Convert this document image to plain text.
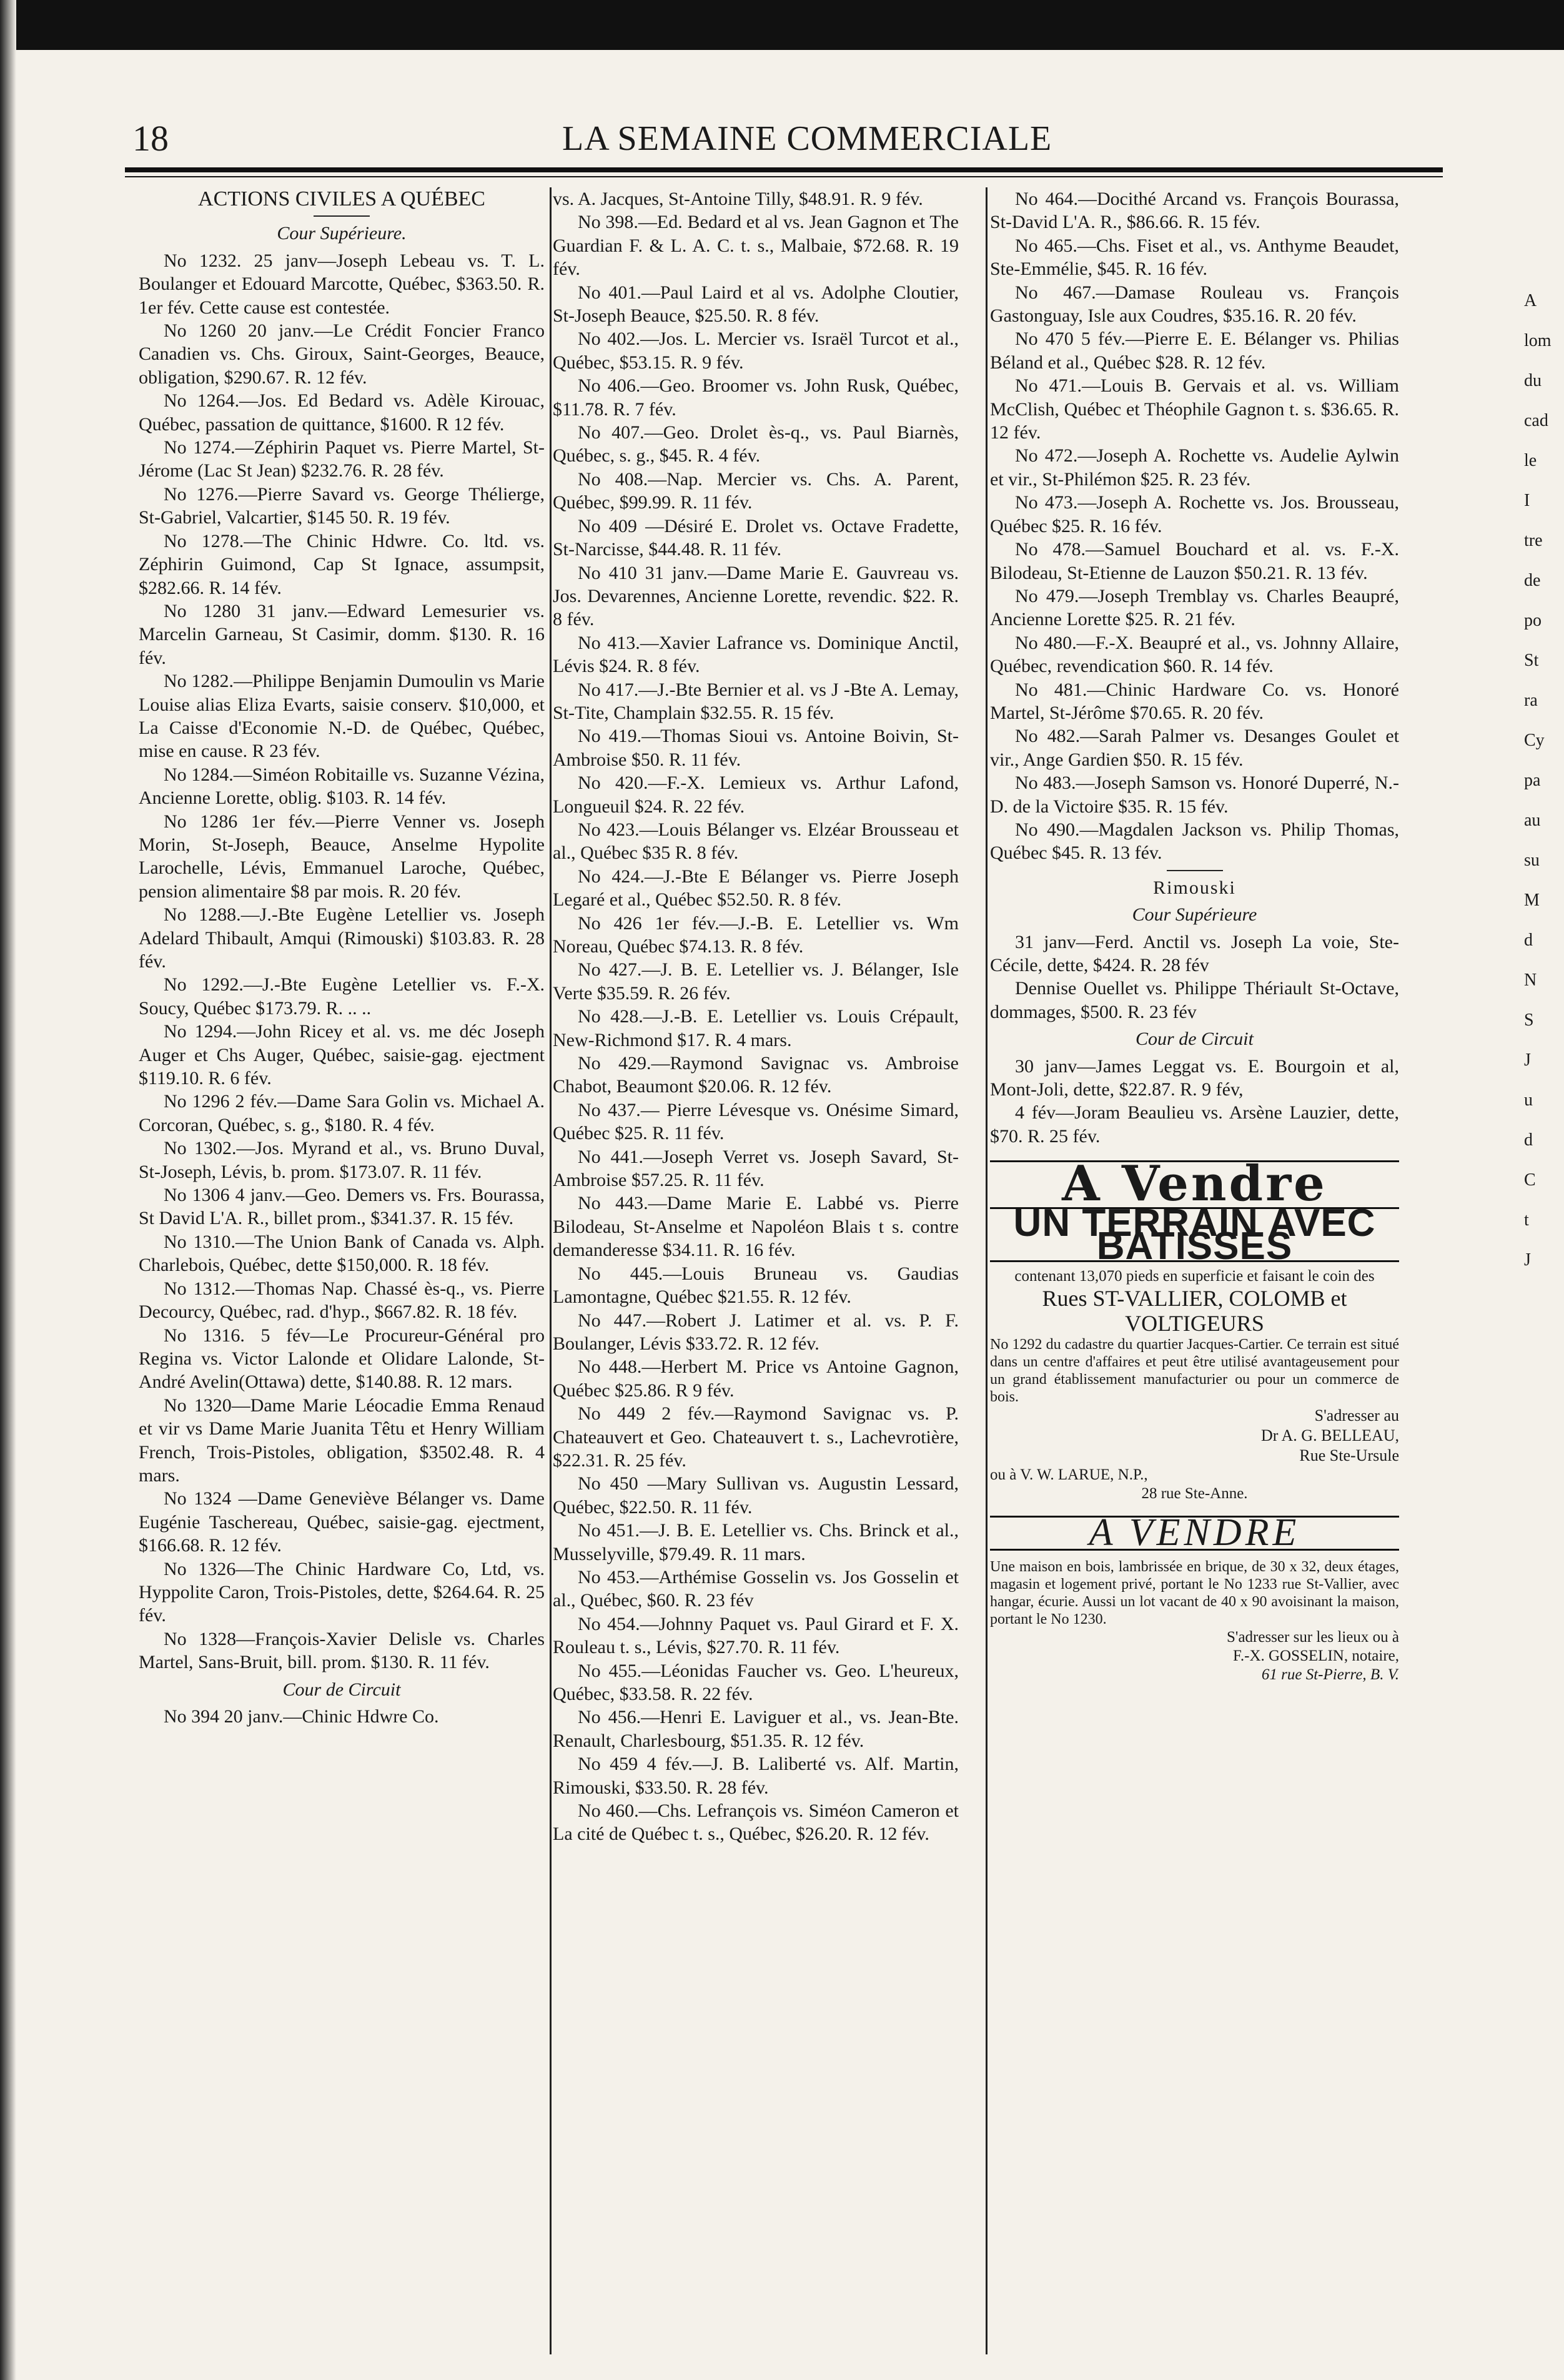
18	LA SEMAINE COMMERCIALE
ACTIONS CIVILES A QUÉBEC
Cour Supérieure.

No 1232. 25 janv—Joseph Lebeau vs. T. L. Boulanger et Edouard Marcotte, Québec, $363.50. R. 1er fév. Cette cause est contestée.

No 1260 20 janv.—Le Crédit Foncier Franco Canadien vs. Chs. Giroux, Saint-Georges, Beauce, obligation, $290.67. R. 12 fév.

No 1264.—Jos. Ed Bedard vs. Adèle Kirouac, Québec, passation de quittance, $1600. R 12 fév.

No 1274.—Zéphirin Paquet vs. Pierre Martel, St-Jérome (Lac St Jean) $232.76. R. 28 fév.

No 1276.—Pierre Savard vs. George Thélierge, St-Gabriel, Valcartier, $145 50. R. 19 fév.

No 1278.—The Chinic Hdwre. Co. ltd. vs. Zéphirin Guimond, Cap St Ignace, assumpsit, $282.66. R. 14 fév.

No 1280 31 janv.—Edward Lemesurier vs. Marcelin Garneau, St Casimir, domm. $130. R. 16 fév.

No 1282.—Philippe Benjamin Dumoulin vs Marie Louise alias Eliza Evarts, saisie conserv. $10,000, et La Caisse d'Economie N.-D. de Québec, Québec, mise en cause. R 23 fév.

No 1284.—Siméon Robitaille vs. Suzanne Vézina, Ancienne Lorette, oblig. $103. R. 14 fév.

No 1286 1er fév.—Pierre Venner vs. Joseph Morin, St-Joseph, Beauce, Anselme Hypolite Larochelle, Lévis, Emmanuel Laroche, Québec, pension alimentaire $8 par mois. R. 20 fév.

No 1288.—J.-Bte Eugène Letellier vs. Joseph Adelard Thibault, Amqui (Rimouski) $103.83. R. 28 fév.

No 1292.—J.-Bte Eugène Letellier vs. F.-X. Soucy, Québec $173.79. R. .. ..

No 1294.—John Ricey et al. vs. me déc Joseph Auger et Chs Auger, Québec, saisie-gag. ejectment $119.10. R. 6 fév.

No 1296 2 fév.—Dame Sara Golin vs. Michael A. Corcoran, Québec, s. g., $180. R. 4 fév.

No 1302.—Jos. Myrand et al., vs. Bruno Duval, St-Joseph, Lévis, b. prom. $173.07. R. 11 fév.

No 1306 4 janv.—Geo. Demers vs. Frs. Bourassa, St David L'A. R., billet prom., $341.37. R. 15 fév.

No 1310.—The Union Bank of Canada vs. Alph. Charlebois, Québec, dette $150,000. R. 18 fév.

No 1312.—Thomas Nap. Chassé ès-q., vs. Pierre Decourcy, Québec, rad. d'hyp., $667.82. R. 18 fév.

No 1316. 5 fév—Le Procureur-Général pro Regina vs. Victor Lalonde et Olidare Lalonde, St-André Avelin(Ottawa) dette, $140.88. R. 12 mars.

No 1320—Dame Marie Léocadie Emma Renaud et vir vs Dame Marie Juanita Têtu et Henry William French, Trois-Pistoles, obligation, $3502.48. R. 4 mars.

No 1324 —Dame Geneviève Bélanger vs. Dame Eugénie Taschereau, Québec, saisie-gag. ejectment, $166.68. R. 12 fév.

No 1326—The Chinic Hardware Co, Ltd, vs. Hyppolite Caron, Trois-Pistoles, dette, $264.64. R. 25 fév.

No 1328—François-Xavier Delisle vs. Charles Martel, Sans-Bruit, bill. prom. $130. R. 11 fév.

Cour de Circuit

No 394 20 janv.—Chinic Hdwre Co.

vs. A. Jacques, St-Antoine Tilly, $48.91. R. 9 fév.

No 398.—Ed. Bedard et al vs. Jean Gagnon et The Guardian F. & L. A. C. t. s., Malbaie, $72.68. R. 19 fév.

No 401.—Paul Laird et al vs. Adolphe Cloutier, St-Joseph Beauce, $25.50. R. 8 fév.

No 402.—Jos. L. Mercier vs. Israël Turcot et al., Québec, $53.15. R. 9 fév.

No 406.—Geo. Broomer vs. John Rusk, Québec, $11.78. R. 7 fév.

No 407.—Geo. Drolet ès-q., vs. Paul Biarnès, Québec, s. g., $45. R. 4 fév.

No 408.—Nap. Mercier vs. Chs. A. Parent, Québec, $99.99. R. 11 fév.

No 409 —Désiré E. Drolet vs. Octave Fradette, St-Narcisse, $44.48. R. 11 fév.

No 410 31 janv.—Dame Marie E. Gauvreau vs. Jos. Devarennes, Ancienne Lorette, revendic. $22. R. 8 fév.

No 413.—Xavier Lafrance vs. Dominique Anctil, Lévis $24. R. 8 fév.

No 417.—J.-Bte Bernier et al. vs J -Bte A. Lemay, St-Tite, Champlain $32.55. R. 15 fév.

No 419.—Thomas Sioui vs. Antoine Boivin, St-Ambroise $50. R. 11 fév.

No 420.—F.-X. Lemieux vs. Arthur Lafond, Longueuil $24. R. 22 fév.

No 423.—Louis Bélanger vs. Elzéar Brousseau et al., Québec $35 R. 8 fév.

No 424.—J.-Bte E Bélanger vs. Pierre Joseph Legaré et al., Québec $52.50. R. 8 fév.

No 426 1er fév.—J.-B. E. Letellier vs. Wm Noreau, Québec $74.13. R. 8 fév.

No 427.—J. B. E. Letellier vs. J. Bélanger, Isle Verte $35.59. R. 26 fév.

No 428.—J.-B. E. Letellier vs. Louis Crépault, New-Richmond $17. R. 4 mars.

No 429.—Raymond Savignac vs. Ambroise Chabot, Beaumont $20.06. R. 12 fév.

No 437.— Pierre Lévesque vs. Onésime Simard, Québec $25. R. 11 fév.

No 441.—Joseph Verret vs. Joseph Savard, St-Ambroise $57.25. R. 11 fév.

No 443.—Dame Marie E. Labbé vs. Pierre Bilodeau, St-Anselme et Napoléon Blais t s. contre demanderesse $34.11. R. 16 fév.

No 445.—Louis Bruneau vs. Gaudias Lamontagne, Québec $21.55. R. 12 fév.

No 447.—Robert J. Latimer et al. vs. P. F. Boulanger, Lévis $33.72. R. 12 fév.

No 448.—Herbert M. Price vs Antoine Gagnon, Québec $25.86. R 9 fév.

No 449 2 fév.—Raymond Savignac vs. P. Chateauvert et Geo. Chateauvert t. s., Lachevrotière, $22.31. R. 25 fév.

No 450 —Mary Sullivan vs. Augustin Lessard, Québec, $22.50. R. 11 fév.

No 451.—J. B. E. Letellier vs. Chs. Brinck et al., Musselyville, $79.49. R. 11 mars.

No 453.—Arthémise Gosselin vs. Jos Gosselin et al., Québec, $60. R. 23 fév

No 454.—Johnny Paquet vs. Paul Girard et F. X. Rouleau t. s., Lévis, $27.70. R. 11 fév.

No 455.—Léonidas Faucher vs. Geo. L'heureux, Québec, $33.58. R. 22 fév.

No 456.—Henri E. Laviguer et al., vs. Jean-Bte. Renault, Charlesbourg, $51.35. R. 12 fév.

No 459 4 fév.—J. B. Laliberté vs. Alf. Martin, Rimouski, $33.50. R. 28 fév.

No 460.—Chs. Lefrançois vs. Siméon Cameron et La cité de Québec t. s., Québec, $26.20. R. 12 fév.

No 464.—Docithé Arcand vs. François Bourassa, St-David L'A. R., $86.66. R. 15 fév.

No 465.—Chs. Fiset et al., vs. Anthyme Beaudet, Ste-Emmélie, $45. R. 16 fév.

No 467.—Damase Rouleau vs. François Gastonguay, Isle aux Coudres, $35.16. R. 20 fév.

No 470 5 fév.—Pierre E. E. Bélanger vs. Philias Béland et al., Québec $28. R. 12 fév.

No 471.—Louis B. Gervais et al. vs. William McClish, Québec et Théophile Gagnon t. s. $36.65. R. 12 fév.

No 472.—Joseph A. Rochette vs. Audelie Aylwin et vir., St-Philémon $25. R. 23 fév.

No 473.—Joseph A. Rochette vs. Jos. Brousseau, Québec $25. R. 16 fév.

No 478.—Samuel Bouchard et al. vs. F.-X. Bilodeau, St-Etienne de Lauzon $50.21. R. 13 fév.

No 479.—Joseph Tremblay vs. Charles Beaupré, Ancienne Lorette $25. R. 21 fév.

No 480.—F.-X. Beaupré et al., vs. Johnny Allaire, Québec, revendication $60. R. 14 fév.

No 481.—Chinic Hardware Co. vs. Honoré Martel, St-Jérôme $70.65. R. 20 fév.

No 482.—Sarah Palmer vs. Desanges Goulet et vir., Ange Gardien $50. R. 15 fév.

No 483.—Joseph Samson vs. Honoré Duperré, N.-D. de la Victoire $35. R. 15 fév.

No 490.—Magdalen Jackson vs. Philip Thomas, Québec $45. R. 13 fév.

Rimouski
Cour Supérieure

31 janv—Ferd. Anctil vs. Joseph La voie, Ste-Cécile, dette, $424. R. 28 fév

Dennise Ouellet vs. Philippe Thériault St-Octave, dommages, $500. R. 23 fév

Cour de Circuit

30 janv—James Leggat vs. E. Bourgoin et al, Mont-Joli, dette, $22.87. R. 9 fév,

4 fév—Joram Beaulieu vs. Arsène Lauzier, dette, $70. R. 25 fév.

A Vendre
UN TERRAIN AVEC BATISSES
contenant 13,070 pieds en superficie et faisant le coin des
Rues ST-VALLIER, COLOMB et VOLTIGEURS
No 1292 du cadastre du quartier Jacques-Cartier. Ce terrain est situé dans un centre d'affaires et peut être utilisé avantageusement pour un grand établissement manufacturier ou pour un commerce de bois.
S'adresser au
Dr A. G. BELLEAU,
Rue Ste-Ursule
ou à V. W. LARUE, N.P.,
28 rue Ste-Anne.
A VENDRE
Une maison en bois, lambrissée en brique, de 30 x 32, deux étages, magasin et logement privé, portant le No 1233 rue St-Vallier, avec hangar, écurie. Aussi un lot vacant de 40 x 90 avoisinant la maison, portant le No 1230.
S'adresser sur les lieux ou à
F.-X. GOSSELIN, notaire,
61 rue St-Pierre, B. V.
A
lom
du
cad
le
I
tre
de
po
St
ra
Cy
pa
au
su
M
d
N
S
J
u
d
C
t
J
